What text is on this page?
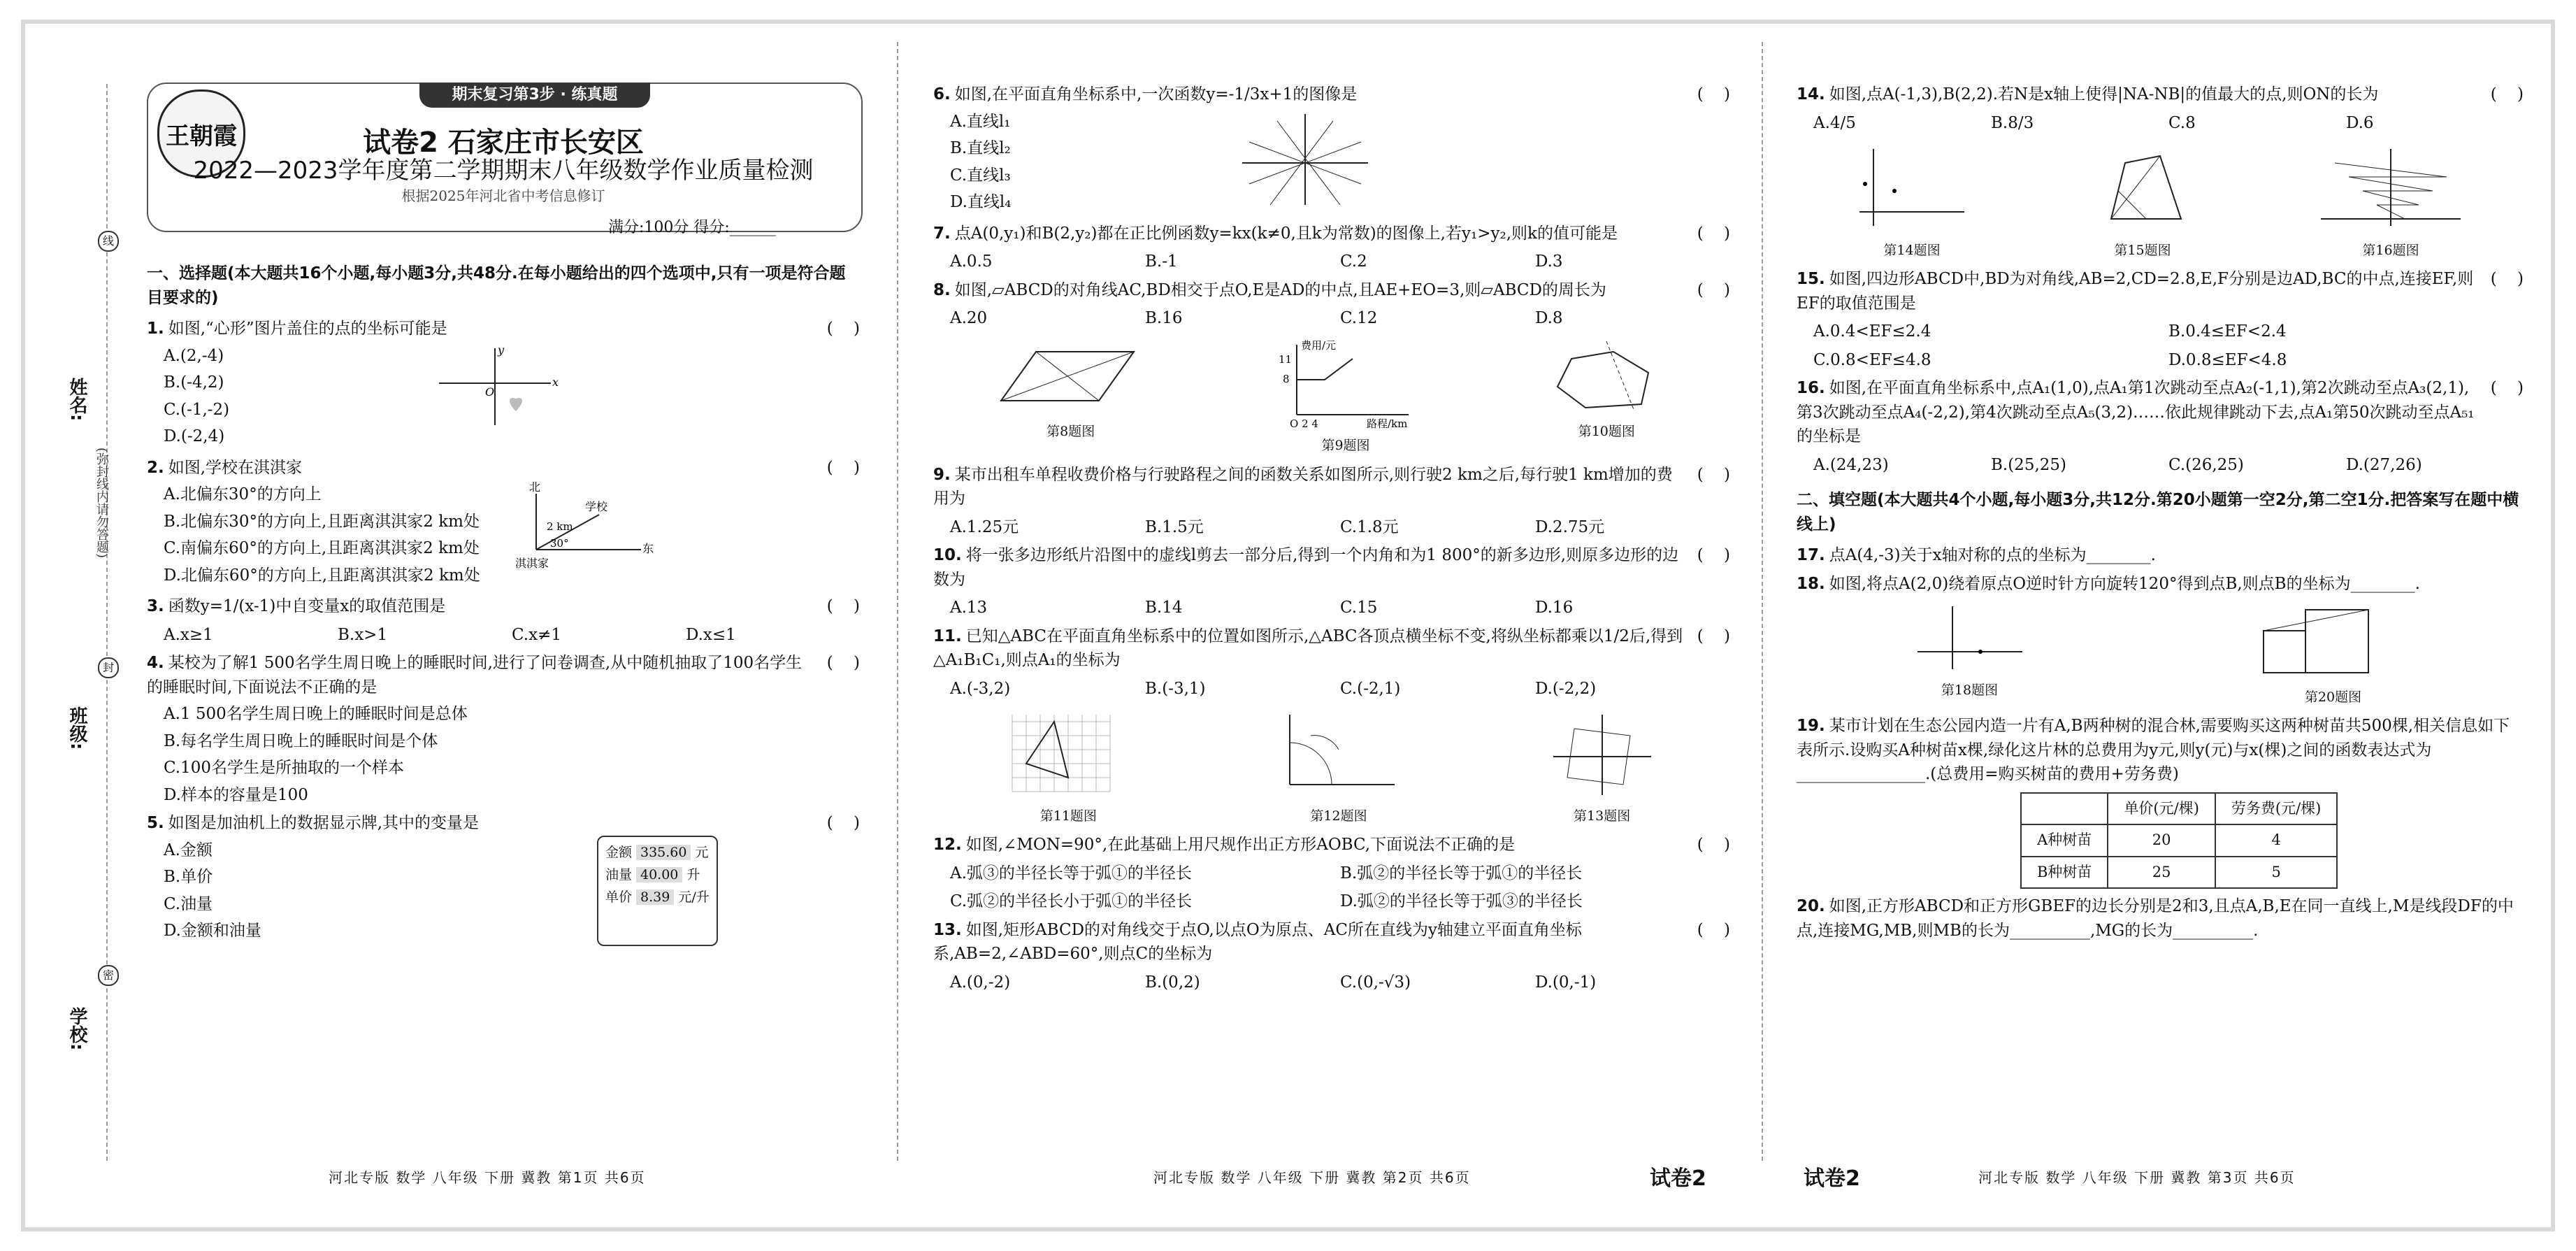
姓名:
班级:
学校:
(弥封线内请勿答题)
线
封
密
期末复习第3步 · 练真题
王朝霞	试卷2 石家庄市长安区
2022—2023学年度第二学期期末八年级数学作业质量检测
根据2025年河北省中考信息修订
满分:100分 得分:______
一、选择题(本大题共16个小题,每小题3分,共48分.在每小题给出的四个选项中,只有一项是符合题目要求的)
1. 如图,“心形”图片盖住的点的坐标可能是	(    )
A.(2,-4)
B.(-4,2)
C.(-1,-2)
D.(-2,4)
y
x
O
2. 如图,学校在淇淇家	(    )
A.北偏东30°的方向上
B.北偏东30°的方向上,且距离淇淇家2 km处
C.南偏东60°的方向上,且距离淇淇家2 km处
D.北偏东60°的方向上,且距离淇淇家2 km处
北
学校
东
淇淇家
2 km
30°
3. 函数y=1/(x-1)中自变量x的取值范围是	(    )
A.x≥1	B.x>1	C.x≠1	D.x≤1
4. 某校为了解1 500名学生周日晚上的睡眠时间,进行了问卷调查,从中随机抽取了100名学生的睡眠时间,下面说法不正确的是
(    )
A.1 500名学生周日晚上的睡眠时间是总体
B.每名学生周日晚上的睡眠时间是个体
C.100名学生是所抽取的一个样本
D.样本的容量是100
5. 如图是加油机上的数据显示牌,其中的变量是	(    )
A.金额
B.单价
C.油量
D.金额和油量
金额 335.60 元
油量 40.00 升
单价 8.39 元/升
6. 如图,在平面直角坐标系中,一次函数y=-1/3x+1的图像是	(    )
A.直线l₁
B.直线l₂
C.直线l₃
D.直线l₄
7. 点A(0,y₁)和B(2,y₂)都在正比例函数y=kx(k≠0,且k为常数)的图像上,若y₁>y₂,则k的值可能是	(    )
A.0.5	B.-1	C.2	D.3
8. 如图,▱ABCD的对角线AC,BD相交于点O,E是AD的中点,且AE+EO=3,则▱ABCD的周长为	(    )
A.20	B.16	C.12	D.8
第8题图
费用/元
路程/km
11
8
O 2 4
第9题图
第10题图
9. 某市出租车单程收费价格与行驶路程之间的函数关系如图所示,则行驶2 km之后,每行驶1 km增加的费用为
(    )
A.1.25元	B.1.5元	C.1.8元	D.2.75元
10. 将一张多边形纸片沿图中的虚线l剪去一部分后,得到一个内角和为1 800°的新多边形,则原多边形的边数为
(    )
A.13	B.14	C.15	D.16
11. 已知△ABC在平面直角坐标系中的位置如图所示,△ABC各顶点横坐标不变,将纵坐标都乘以1/2后,得到△A₁B₁C₁,则点A₁的坐标为
(    )
A.(-3,2)	B.(-3,1)	C.(-2,1)	D.(-2,2)
第11题图	第12题图	第13题图
12. 如图,∠MON=90°,在此基础上用尺规作出正方形AOBC,下面说法不正确的是	(    )
A.弧③的半径长等于弧①的半径长	B.弧②的半径长等于弧①的半径长
C.弧②的半径长小于弧①的半径长	D.弧②的半径长等于弧③的半径长
13. 如图,矩形ABCD的对角线交于点O,以点O为原点、AC所在直线为y轴建立平面直角坐标系,AB=2,∠ABD=60°,则点C的坐标为
(    )
A.(0,-2)	B.(0,2)	C.(0,-√3)	D.(0,-1)
14. 如图,点A(-1,3),B(2,2).若N是x轴上使得|NA-NB|的值最大的点,则ON的长为	(    )
A.4/5	B.8/3	C.8	D.6
第14题图	第15题图	第16题图
15. 如图,四边形ABCD中,BD为对角线,AB=2,CD=2.8,E,F分别是边AD,BC的中点,连接EF,则EF的取值范围是
(    )
A.0.4<EF≤2.4	B.0.4≤EF<2.4
C.0.8<EF≤4.8	D.0.8≤EF<4.8
16. 如图,在平面直角坐标系中,点A₁(1,0),点A₁第1次跳动至点A₂(-1,1),第2次跳动至点A₃(2,1),第3次跳动至点A₄(-2,2),第4次跳动至点A₅(3,2)……依此规律跳动下去,点A₁第50次跳动至点A₅₁的坐标是
(    )
A.(24,23)	B.(25,25)	C.(26,25)	D.(27,26)
二、填空题(本大题共4个小题,每小题3分,共12分.第20小题第一空2分,第二空1分.把答案写在题中横线上)
17. 点A(4,-3)关于x轴对称的点的坐标为________.
18. 如图,将点A(2,0)绕着原点O逆时针方向旋转120°得到点B,则点B的坐标为________.
第18题图	第20题图
19. 某市计划在生态公园内造一片有A,B两种树的混合林,需要购买这两种树苗共500棵,相关信息如下表所示.设购买A种树苗x棵,绿化这片林的总费用为y元,则y(元)与x(棵)之间的函数表达式为________________.(总费用=购买树苗的费用+劳务费)
	单价(元/棵)	劳务费(元/棵)
A种树苗	20	4
B种树苗	25	5
20. 如图,正方形ABCD和正方形GBEF的边长分别是2和3,且点A,B,E在同一直线上,M是线段DF的中点,连接MG,MB,则MB的长为__________,MG的长为__________.
河北专版 数学 八年级 下册 冀教 第1页 共6页	河北专版 数学 八年级 下册 冀教 第2页 共6页	试卷2	试卷2	河北专版 数学 八年级 下册 冀教 第3页 共6页
